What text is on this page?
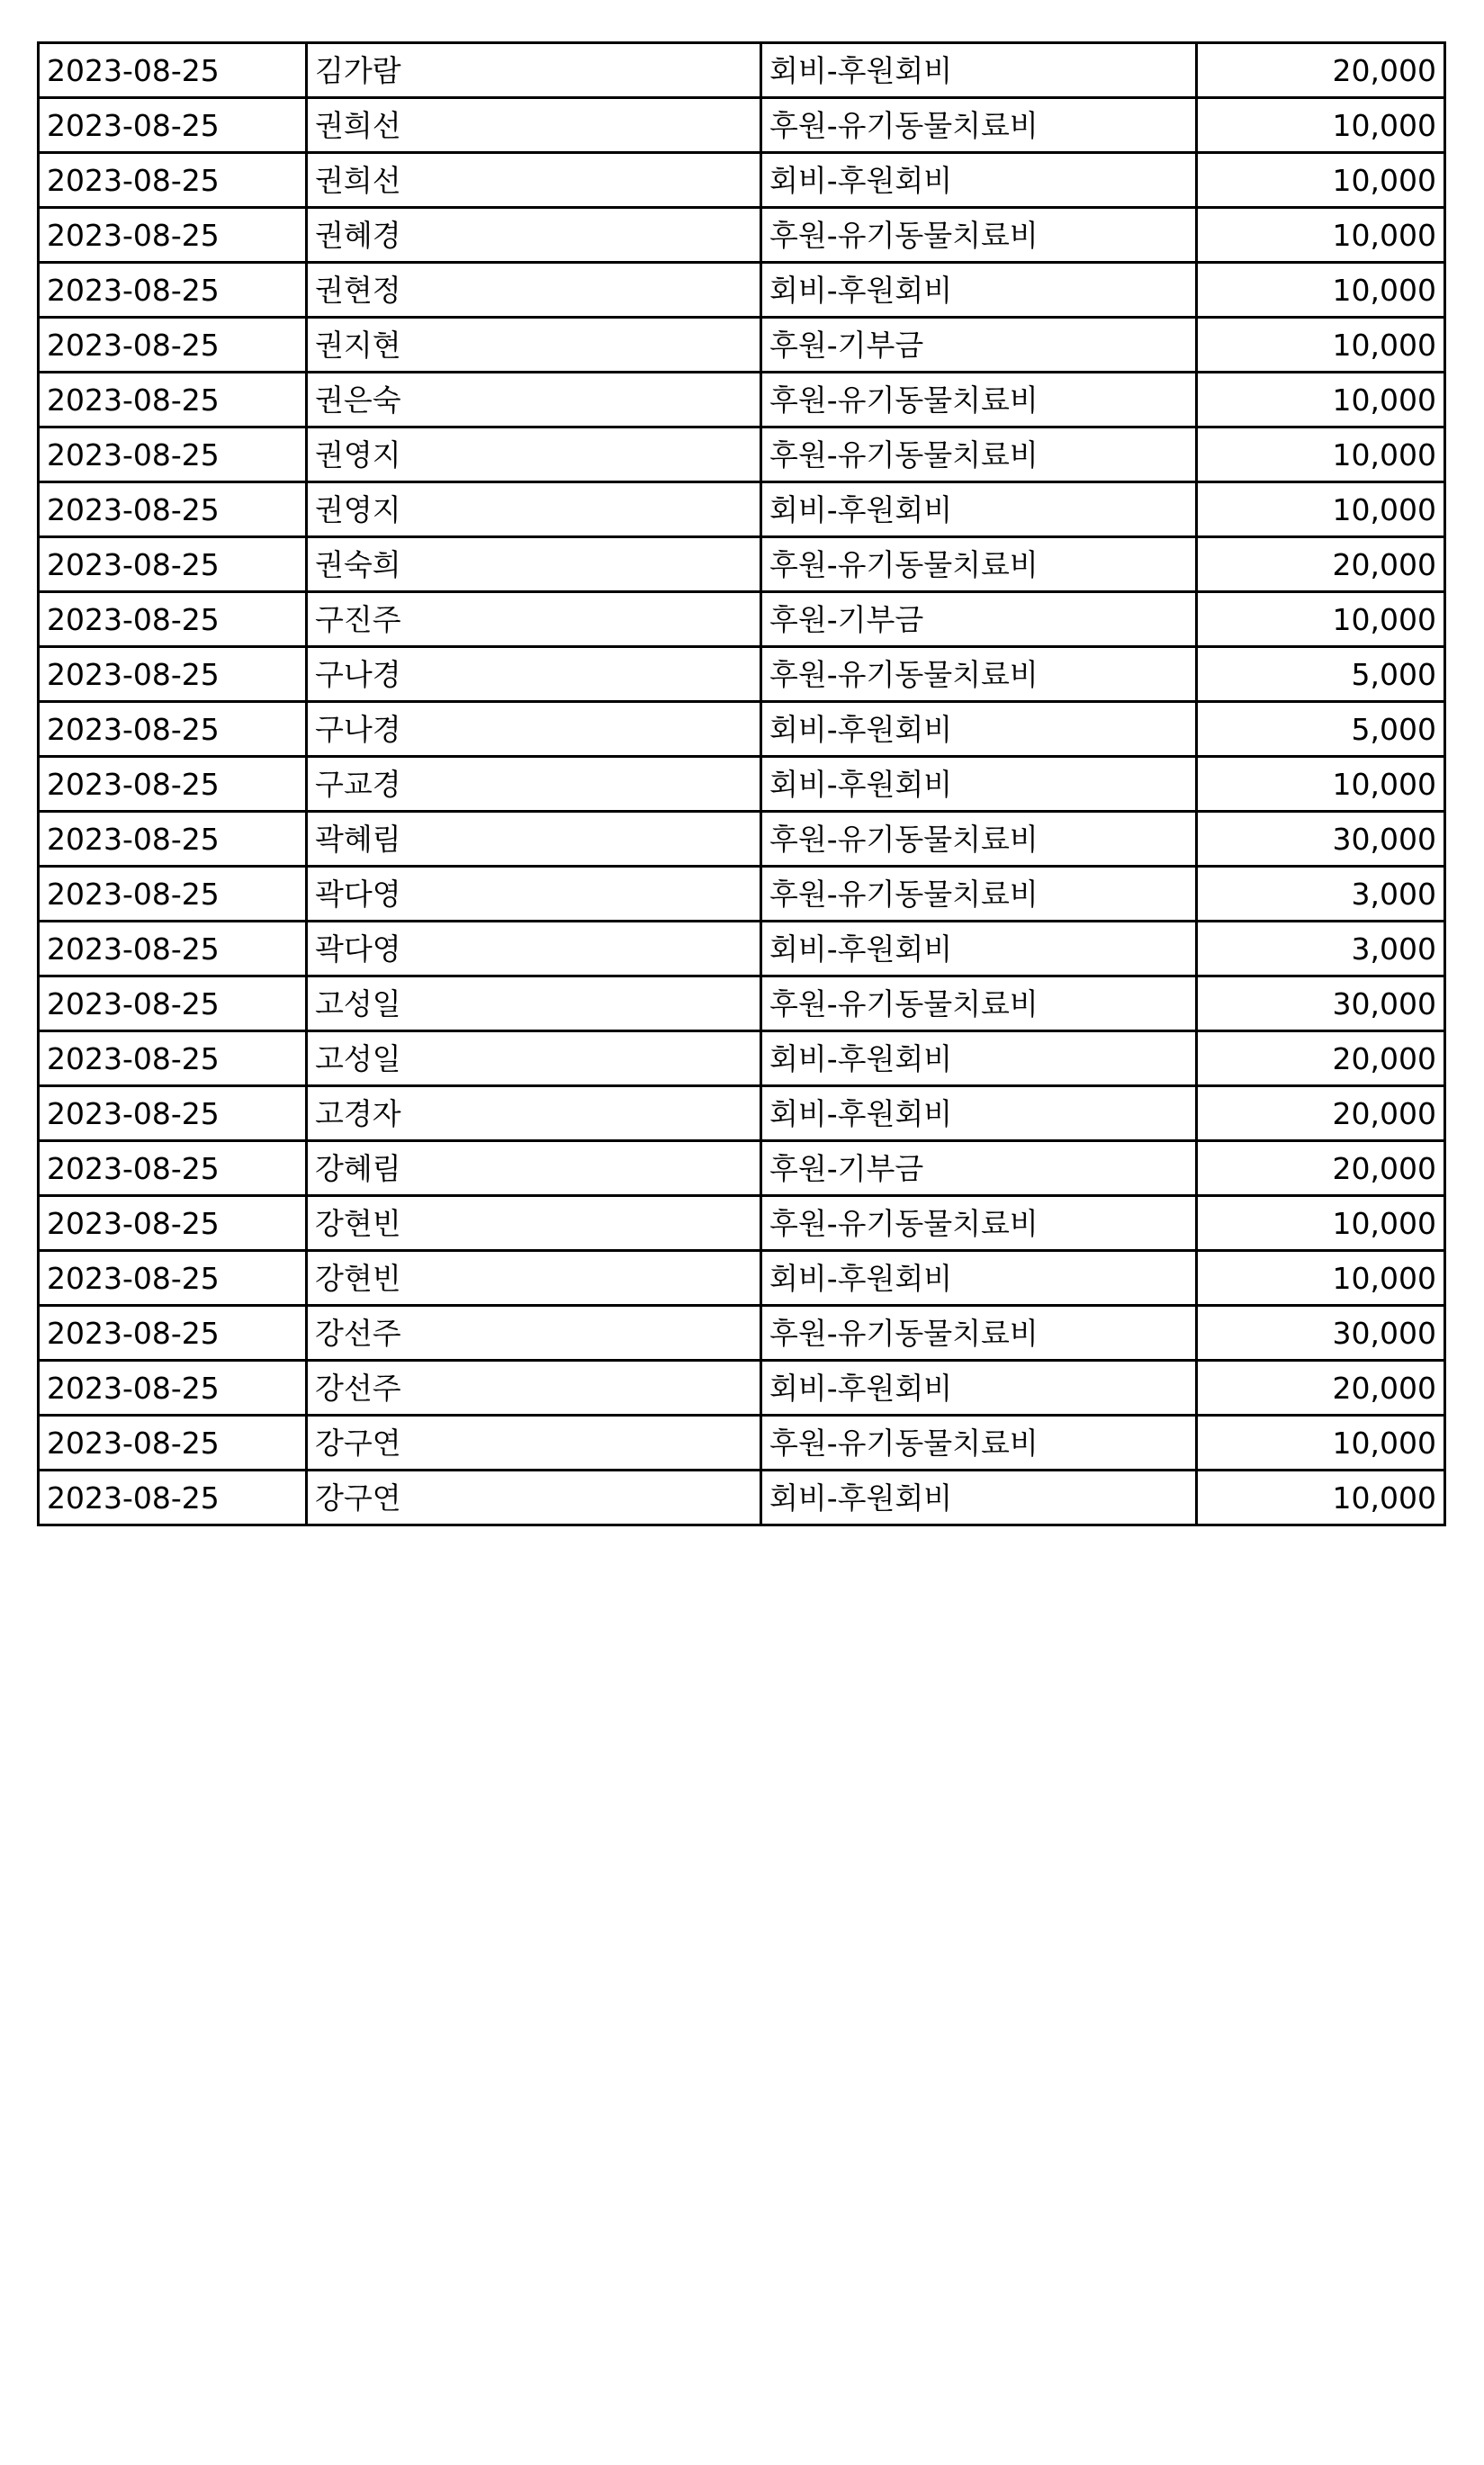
2023-08-25	김가람	회비-후원회비	20,000
2023-08-25	권희선	후원-유기동물치료비	10,000
2023-08-25	권희선	회비-후원회비	10,000
2023-08-25	권혜경	후원-유기동물치료비	10,000
2023-08-25	권현정	회비-후원회비	10,000
2023-08-25	권지현	후원-기부금	10,000
2023-08-25	권은숙	후원-유기동물치료비	10,000
2023-08-25	권영지	후원-유기동물치료비	10,000
2023-08-25	권영지	회비-후원회비	10,000
2023-08-25	권숙희	후원-유기동물치료비	20,000
2023-08-25	구진주	후원-기부금	10,000
2023-08-25	구나경	후원-유기동물치료비	5,000
2023-08-25	구나경	회비-후원회비	5,000
2023-08-25	구교경	회비-후원회비	10,000
2023-08-25	곽혜림	후원-유기동물치료비	30,000
2023-08-25	곽다영	후원-유기동물치료비	3,000
2023-08-25	곽다영	회비-후원회비	3,000
2023-08-25	고성일	후원-유기동물치료비	30,000
2023-08-25	고성일	회비-후원회비	20,000
2023-08-25	고경자	회비-후원회비	20,000
2023-08-25	강혜림	후원-기부금	20,000
2023-08-25	강현빈	후원-유기동물치료비	10,000
2023-08-25	강현빈	회비-후원회비	10,000
2023-08-25	강선주	후원-유기동물치료비	30,000
2023-08-25	강선주	회비-후원회비	20,000
2023-08-25	강구연	후원-유기동물치료비	10,000
2023-08-25	강구연	회비-후원회비	10,000
